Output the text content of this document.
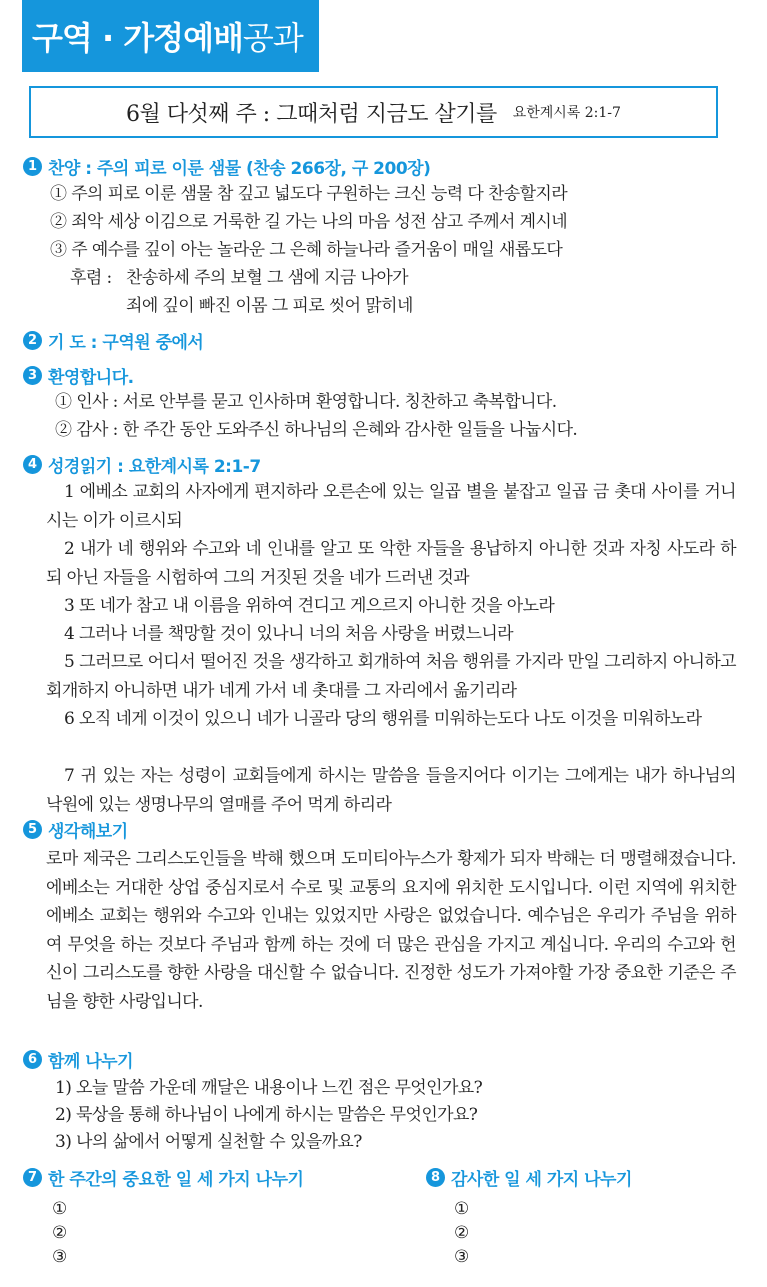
구역 · 가정예배 공과
6월 다섯째 주 : 그때처럼 지금도 살기를 요한계시록 2:1-7
1 찬양 : 주의 피로 이룬 샘물 (찬송 266장, 구 200장)
① 주의 피로 이룬 샘물 참 깊고 넓도다 구원하는 크신 능력 다 찬송할지라
② 죄악 세상 이김으로 거룩한 길 가는 나의 마음 성전 삼고 주께서 계시네
③ 주 예수를 깊이 아는 놀라운 그 은혜 하늘나라 즐거움이 매일 새롭도다
후렴 : 찬송하세 주의 보혈 그 샘에 지금 나아가
죄에 깊이 빠진 이몸 그 피로 씻어 맑히네
2 기 도 : 구역원 중에서
3 환영합니다.
① 인사 : 서로 안부를 묻고 인사하며 환영합니다. 칭찬하고 축복합니다.
② 감사 : 한 주간 동안 도와주신 하나님의 은혜와 감사한 일들을 나눕시다.
4 성경읽기 : 요한계시록 2:1-7
1 에베소 교회의 사자에게 편지하라 오른손에 있는 일곱 별을 붙잡고 일곱 금 촛대 사이를 거니시는 이가 이르시되
2 내가 네 행위와 수고와 네 인내를 알고 또 악한 자들을 용납하지 아니한 것과 자칭 사도라 하되 아닌 자들을 시험하여 그의 거짓된 것을 네가 드러낸 것과
3 또 네가 참고 내 이름을 위하여 견디고 게으르지 아니한 것을 아노라
4 그러나 너를 책망할 것이 있나니 너의 처음 사랑을 버렸느니라
5 그러므로 어디서 떨어진 것을 생각하고 회개하여 처음 행위를 가지라 만일 그리하지 아니하고 회개하지 아니하면 내가 네게 가서 네 촛대를 그 자리에서 옮기리라
6 오직 네게 이것이 있으니 네가 니골라 당의 행위를 미워하는도다 나도 이것을 미워하노라
7 귀 있는 자는 성령이 교회들에게 하시는 말씀을 들을지어다 이기는 그에게는 내가 하나님의 낙원에 있는 생명나무의 열매를 주어 먹게 하리라
5 생각해보기
로마 제국은 그리스도인들을 박해 했으며 도미티아누스가 황제가 되자 박해는 더 맹렬해졌습니다. 에베소는 거대한 상업 중심지로서 수로 및 교통의 요지에 위치한 도시입니다. 이런 지역에 위치한 에베소 교회는 행위와 수고와 인내는 있었지만 사랑은 없었습니다. 예수님은 우리가 주님을 위하여 무엇을 하는 것보다 주님과 함께 하는 것에 더 많은 관심을 가지고 계십니다. 우리의 수고와 헌신이 그리스도를 향한 사랑을 대신할 수 없습니다. 진정한 성도가 가져야할 가장 중요한 기준은 주님을 향한 사랑입니다.
6 함께 나누기
1) 오늘 말씀 가운데 깨달은 내용이나 느낀 점은 무엇인가요?
2) 묵상을 통해 하나님이 나에게 하시는 말씀은 무엇인가요?
3) 나의 삶에서 어떻게 실천할 수 있을까요?
7 한 주간의 중요한 일 세 가지 나누기
①
②
③
8 감사한 일 세 가지 나누기
①
②
③
